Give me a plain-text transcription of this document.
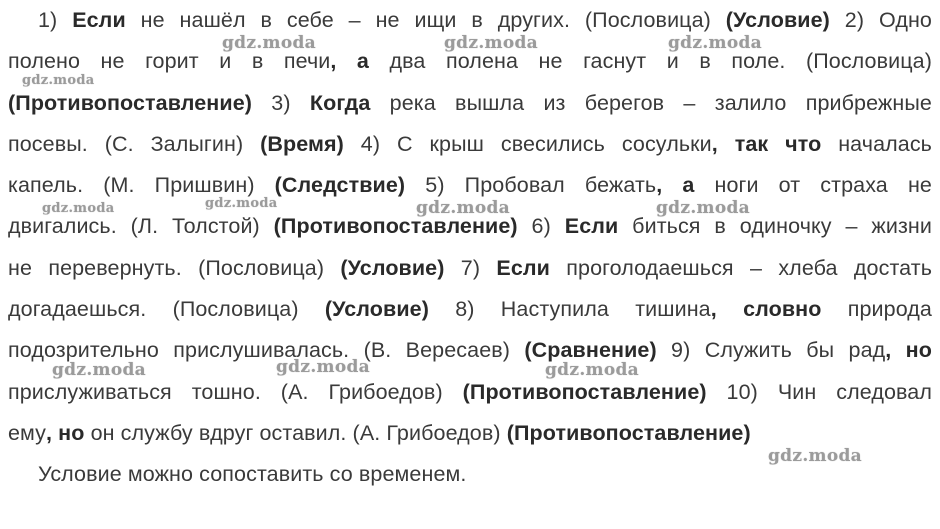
1) Если не нашёл в себе – не ищи в других. (Пословица) (Условие) 2) Одно
полено не горит и в печи, а два полена не гаснут и в поле. (Пословица)
(Противопоставление) 3) Когда река вышла из берегов – залило прибрежные
посевы. (С. Залыгин) (Время) 4) С крыш свесились сосульки, так что началась
капель. (М. Пришвин) (Следствие) 5) Пробовал бежать, а ноги от страха не
двигались. (Л. Толстой) (Противопоставление) 6) Если биться в одиночку – жизни
не перевернуть. (Пословица) (Условие) 7) Если проголодаешься – хлеба достать
догадаешься. (Пословица) (Условие) 8) Наступила тишина, словно природа
подозрительно прислушивалась. (В. Вересаев) (Сравнение) 9) Служить бы рад, но
прислуживаться тошно. (А. Грибоедов) (Противопоставление) 10) Чин следовал
ему, но он службу вдруг оставил. (А. Грибоедов) (Противопоставление)
Условие можно сопоставить со временем.
gdz.moda	gdz.moda	gdz.moda
gdz.moda
gdz.moda	gdz.moda	gdz.moda	gdz.moda
gdz.moda	gdz.moda	gdz.moda
gdz.moda
